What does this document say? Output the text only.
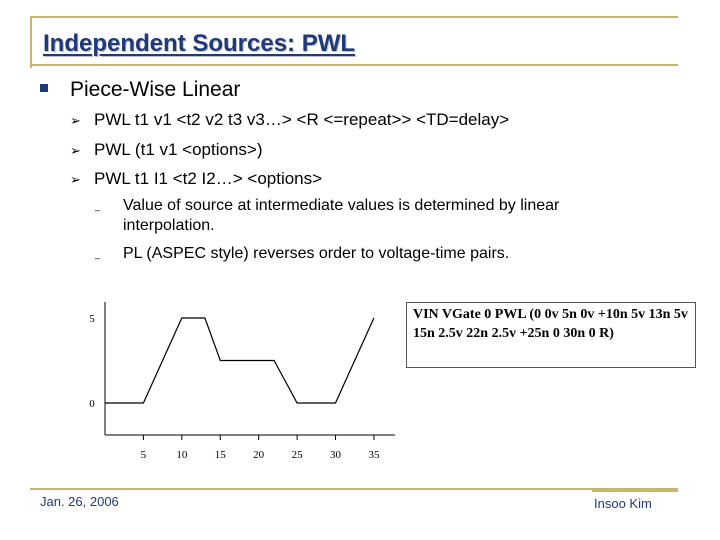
Independent Sources: PWL
Piece-Wise Linear
➢ PWL t1 v1 <t2 v2 t3 v3…> <R <=repeat>> <TD=delay>
➢ PWL (t1 v1 <options>)
➢ PWL t1 I1 <t2 I2…> <options>
– Value of source at intermediate values is determined by linear interpolation.
– PL (ASPEC style) reverses order to voltage-time pairs.
5	10 15 20 25 30 35
5
0
VIN VGate 0 PWL (0 0v 5n 0v +10n 5v 13n 5v 15n 2.5v 22n 2.5v +25n 0 30n 0 R)
Jan. 26, 2006	Insoo Kim
